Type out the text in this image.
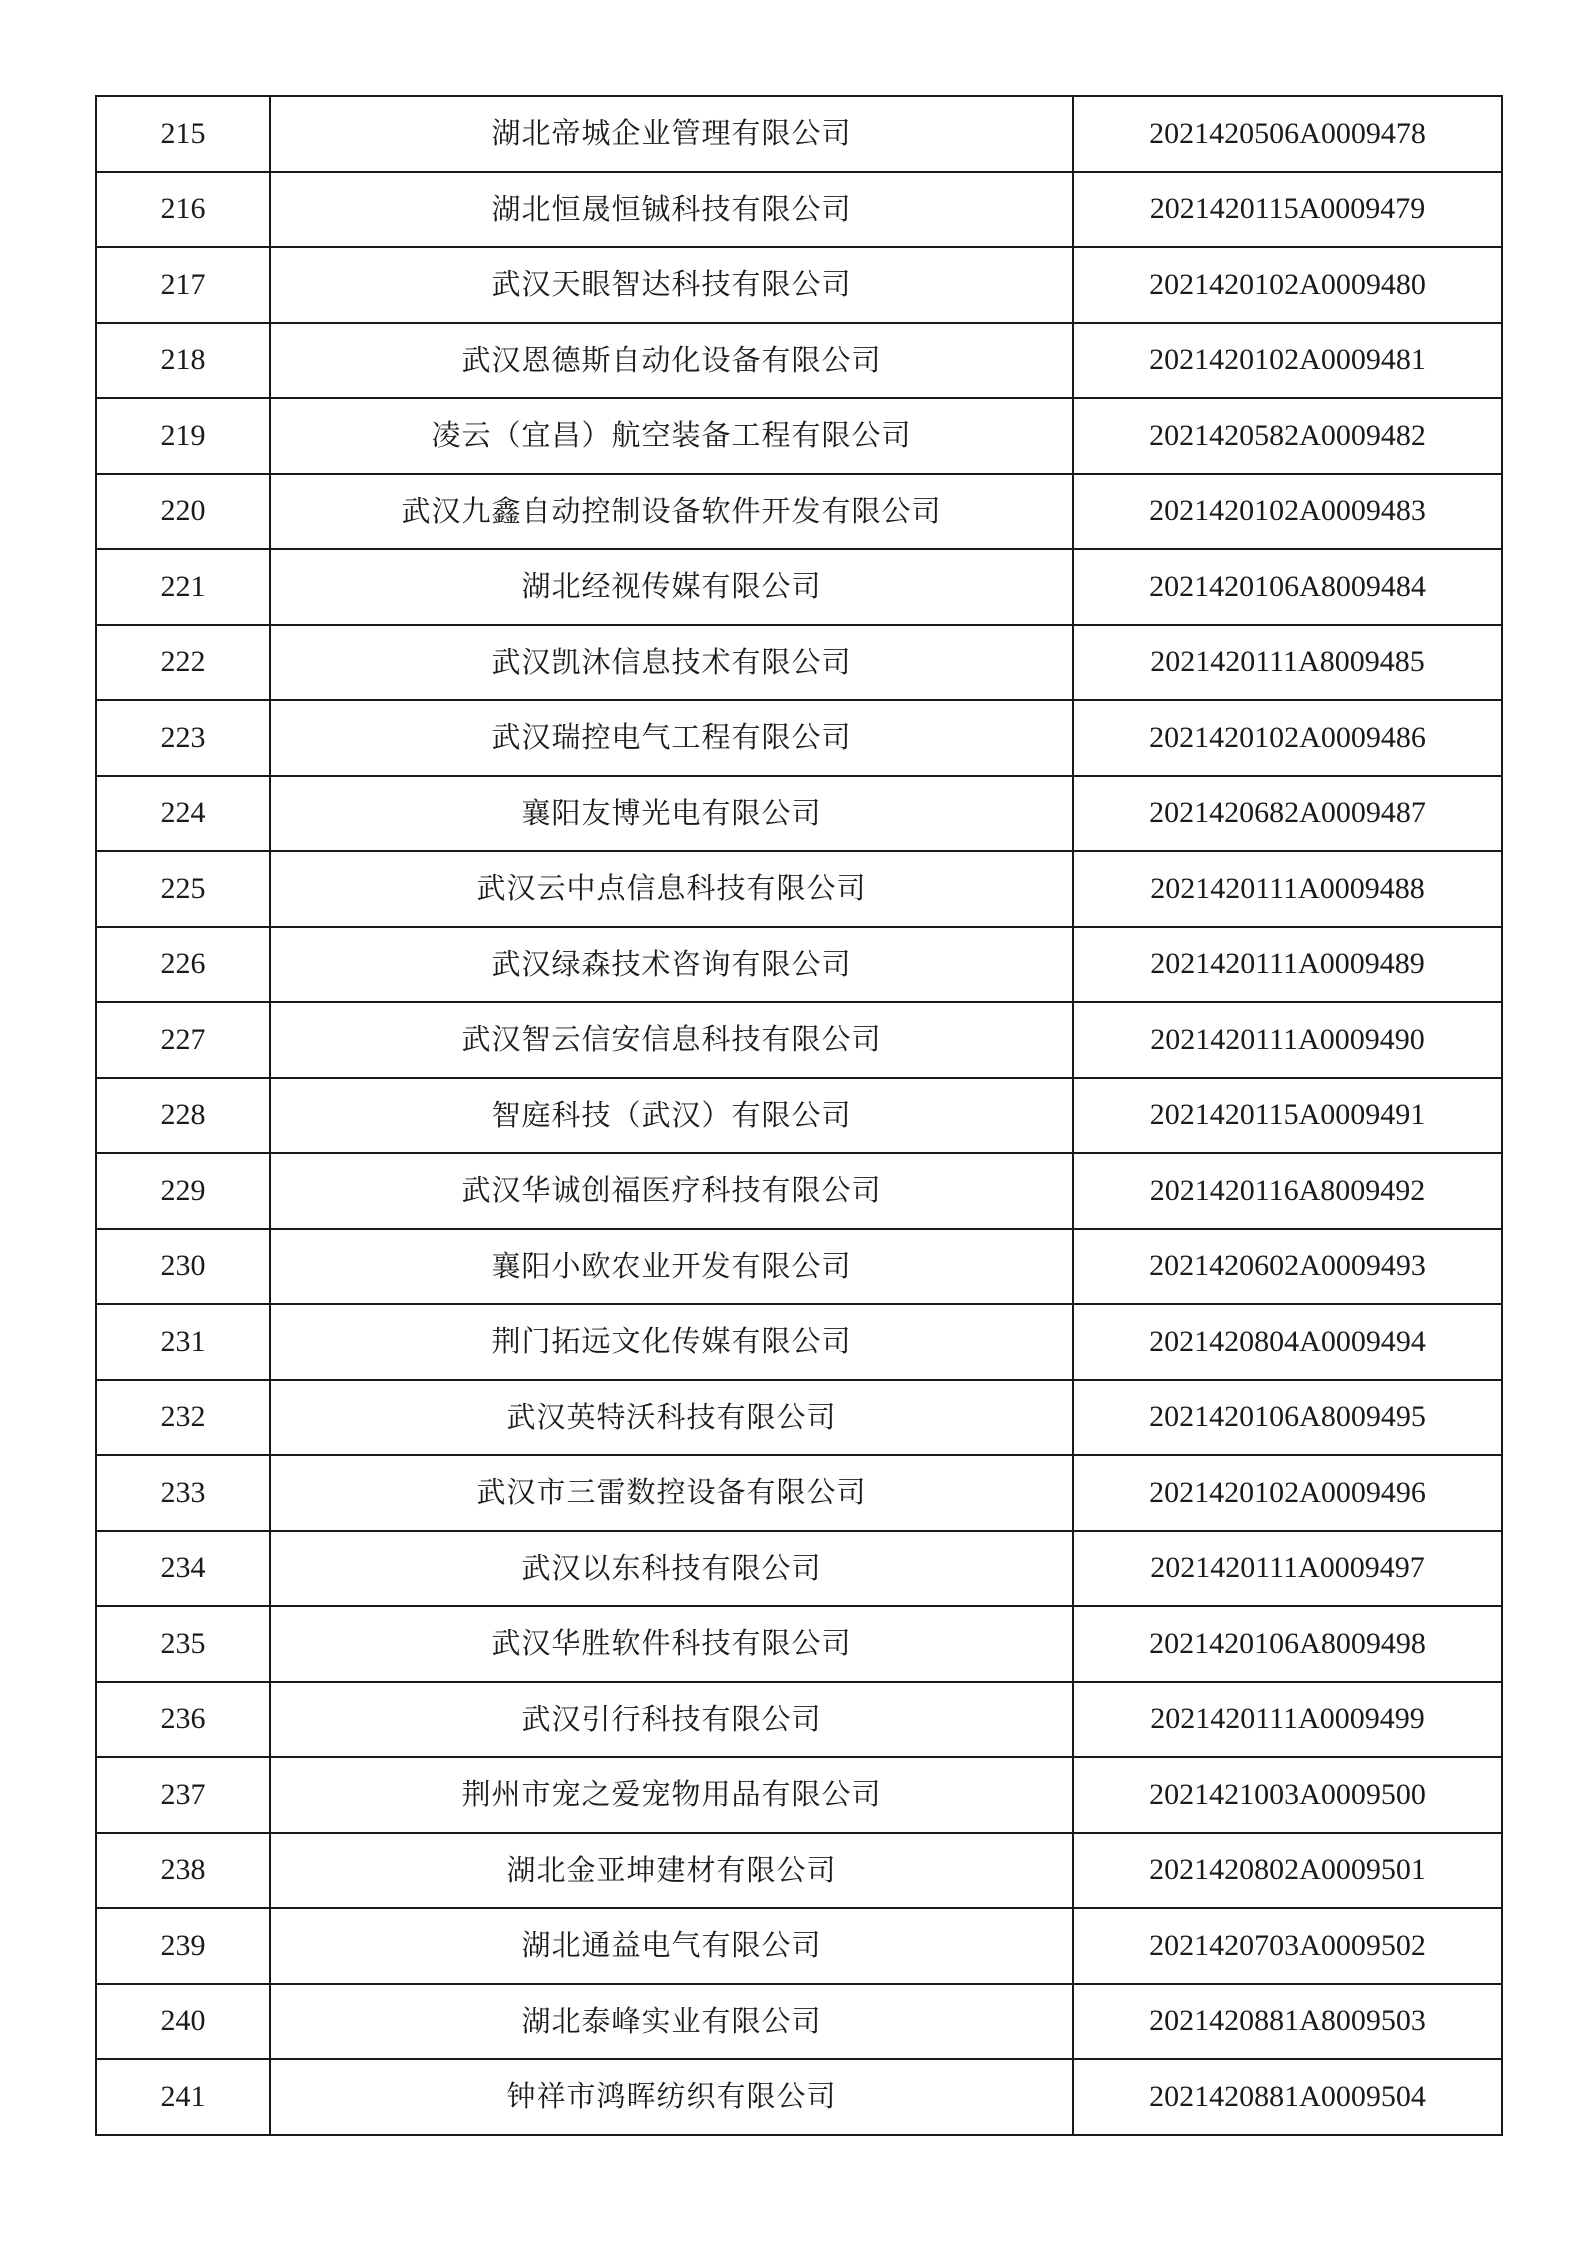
215	湖北帝城企业管理有限公司	2021420506A0009478
216	湖北恒晟恒铖科技有限公司	2021420115A0009479
217	武汉天眼智达科技有限公司	2021420102A0009480
218	武汉恩德斯自动化设备有限公司	2021420102A0009481
219	凌云（宜昌）航空装备工程有限公司	2021420582A0009482
220	武汉九鑫自动控制设备软件开发有限公司	2021420102A0009483
221	湖北经视传媒有限公司	2021420106A8009484
222	武汉凯沐信息技术有限公司	2021420111A8009485
223	武汉瑞控电气工程有限公司	2021420102A0009486
224	襄阳友博光电有限公司	2021420682A0009487
225	武汉云中点信息科技有限公司	2021420111A0009488
226	武汉绿森技术咨询有限公司	2021420111A0009489
227	武汉智云信安信息科技有限公司	2021420111A0009490
228	智庭科技（武汉）有限公司	2021420115A0009491
229	武汉华诚创福医疗科技有限公司	2021420116A8009492
230	襄阳小欧农业开发有限公司	2021420602A0009493
231	荆门拓远文化传媒有限公司	2021420804A0009494
232	武汉英特沃科技有限公司	2021420106A8009495
233	武汉市三雷数控设备有限公司	2021420102A0009496
234	武汉以东科技有限公司	2021420111A0009497
235	武汉华胜软件科技有限公司	2021420106A8009498
236	武汉引行科技有限公司	2021420111A0009499
237	荆州市宠之爱宠物用品有限公司	2021421003A0009500
238	湖北金亚坤建材有限公司	2021420802A0009501
239	湖北通益电气有限公司	2021420703A0009502
240	湖北泰峰实业有限公司	2021420881A8009503
241	钟祥市鸿晖纺织有限公司	2021420881A0009504
